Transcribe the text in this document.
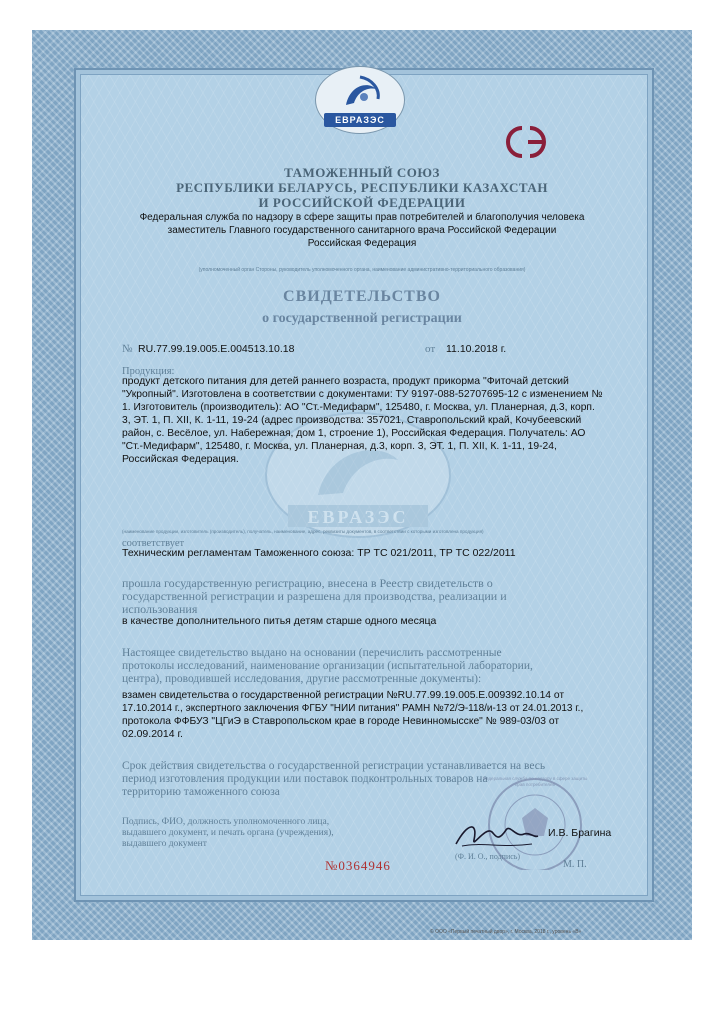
ЕВРАЗЭС
ЕВРАЗЭС
ТАМОЖЕННЫЙ СОЮЗ
РЕСПУБЛИКИ БЕЛАРУСЬ, РЕСПУБЛИКИ КАЗАХСТАН
И РОССИЙСКОЙ ФЕДЕРАЦИИ
Федеральная служба по надзору в сфере защиты прав потребителей и благополучия человека
заместитель Главного государственного санитарного врача Российской Федерации
Российская Федерация
(уполномоченный орган Стороны, руководитель уполномоченного органа, наименование административно-территориального образования)
СВИДЕТЕЛЬСТВО
о государственной регистрации
№ RU.77.99.19.005.E.004513.10.18	от 11.10.2018 г.
Продукция:
продукт детского питания для детей раннего возраста, продукт прикорма "Фиточай детский
"Укропный". Изготовлена в соответствии с документами: ТУ 9197-088-52707695-12 с изменением №
1. Изготовитель (производитель): АО "Ст.-Медифарм", 125480, г. Москва, ул. Планерная, д.3, корп.
3, ЭТ. 1, П. XII, К. 1-11, 19-24 (адрес производства: 357021, Ставропольский край, Кочубеевский
район, с. Весёлое, ул. Набережная, дом 1, строение 1), Российская Федерация. Получатель: АО
"Ст.-Медифарм", 125480, г. Москва, ул. Планерная, д.3, корп. 3, ЭТ. 1, П. XII, К. 1-11, 19-24,
Российская Федерация.
(наименование продукции, изготовитель (производитель), получатель, наименование, адрес, реквизиты документов, в соответствии с которыми изготовлена продукция)
соответствует
Техническим регламентам Таможенного союза: ТР ТС 021/2011, ТР ТС 022/2011
прошла государственную регистрацию, внесена в Реестр свидетельств о
государственной регистрации и разрешена для производства, реализации и
использования
в качестве дополнительного питья детям старше одного месяца
Настоящее свидетельство выдано на основании (перечислить рассмотренные
протоколы исследований, наименование организации (испытательной лаборатории,
центра), проводившей исследования, другие рассмотренные документы):
взамен свидетельства о государственной регистрации №RU.77.99.19.005.Е.009392.10.14 от
17.10.2014 г., экспертного заключения ФГБУ "НИИ питания" РАМН №72/Э-118/и-13 от 24.01.2013 г.,
протокола ФФБУЗ "ЦГиЭ в Ставропольском крае в городе Невинномысске" № 989-03/03 от
02.09.2014 г.
Срок действия свидетельства о государственной регистрации устанавливается на весь
период изготовления продукции или поставок подконтрольных товаров на
территорию таможенного союза
Федеральная служба по надзору в сфере защиты прав потребителей
Подпись, ФИО, должность уполномоченного лица,
выдавшего документ, и печать органа (учреждения),
выдавшего документ
И.В. Брагина
(Ф. И. О., подпись)
М. П.
№0364946
© ООО «Первый печатный двор», г. Москва, 2018 г., уровень «В»
